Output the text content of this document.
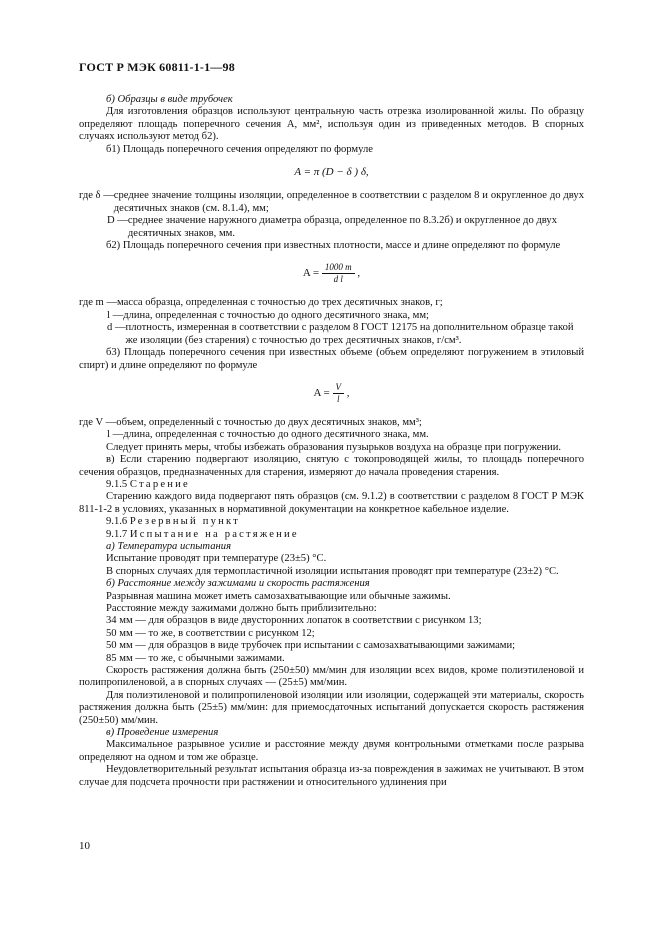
ГОСТ Р МЭК 60811-1-1—98

б) Образцы в виде трубочек

Для изготовления образцов используют центральную часть отрезка изолированной жилы. По образцу определяют площадь поперечного сечения A, мм², используя один из приведенных методов. В спорных случаях используют метод б2).

б1) Площадь поперечного сечения определяют по формуле

A = π (D − δ ) δ,
где δ — среднее значение толщины изоляции, определенное в соответствии с разделом 8 и округленное до двух десятичных знаков (см. 8.1.4), мм;
D — среднее значение наружного диаметра образца, определенное по 8.3.2б) и округленное до двух десятичных знаков, мм.

б2) Площадь поперечного сечения при известных плотности, массе и длине определяют по формуле

$A = \frac{1000 m}{\text{d l}}$ ,
где m — масса образца, определенная с точностью до трех десятичных знаков, г;
l — длина, определенная с точностью до одного десятичного знака, мм;
d — плотность, измеренная в соответствии с разделом 8 ГОСТ 12175 на дополнительном образце такой же изоляции (без старения) с точностью до трех десятичных знаков, г/см³.

б3) Площадь поперечного сечения при известных объеме (объем определяют погружением в этиловый спирт) и длине определяют по формуле

$A = \frac{V}{l}$ ,
где V — объем, определенный с точностью до двух десятичных знаков, мм³;
l — длина, определенная с точностью до одного десятичного знака, мм.

Следует принять меры, чтобы избежать образования пузырьков воздуха на образце при погружении.

в) Если старению подвергают изоляцию, снятую с токопроводящей жилы, то площадь поперечного сечения образцов, предназначенных для старения, измеряют до начала проведения старения.

9.1.5 Старение

Старению каждого вида подвергают пять образцов (см. 9.1.2) в соответствии с разделом 8 ГОСТ Р МЭК 811-1-2 в условиях, указанных в нормативной документации на конкретное кабельное изделие.

9.1.6 Резервный пункт

9.1.7 Испытание на растяжение

а) Температура испытания

Испытание проводят при температуре (23±5) °С.

В спорных случаях для термопластичной изоляции испытания проводят при температуре (23±2) °С.

б) Расстояние между зажимами и скорость растяжения

Разрывная машина может иметь самозахватывающие или обычные зажимы.

Расстояние между зажимами должно быть приблизительно:

34 мм — для образцов в виде двусторонних лопаток в соответствии с рисунком 13;

50 мм — то же, в соответствии с рисунком 12;

50 мм — для образцов в виде трубочек при испытании с самозахватывающими зажимами;

85 мм — то же, с обычными зажимами.

Скорость растяжения должна быть (250±50) мм/мин для изоляции всех видов, кроме полиэтиленовой и полипропиленовой, а в спорных случаях — (25±5) мм/мин.

Для полиэтиленовой и полипропиленовой изоляции или изоляции, содержащей эти материалы, скорость растяжения должна быть (25±5) мм/мин: для приемосдаточных испытаний допускается скорость растяжения (250±50) мм/мин.

в) Проведение измерения

Максимальное разрывное усилие и расстояние между двумя контрольными отметками после разрыва определяют на одном и том же образце.

Неудовлетворительный результат испытания образца из-за повреждения в зажимах не учитывают. В этом случае для подсчета прочности при растяжении и относительного удлинения при

10
